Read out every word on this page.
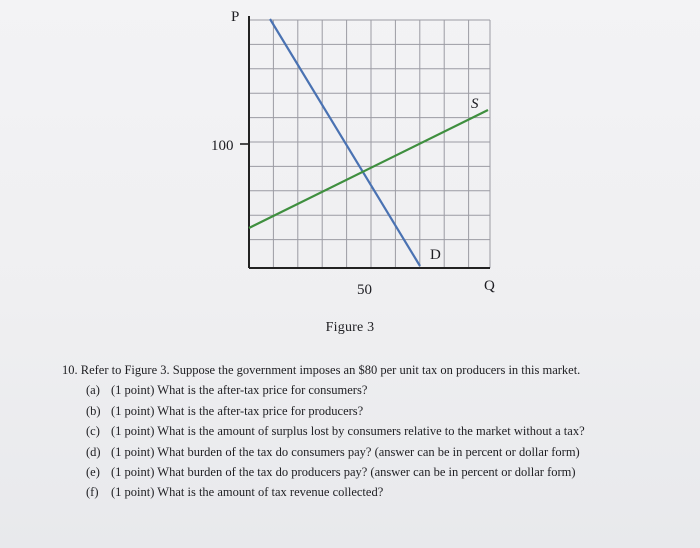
P
Q
100
50
S
D
Figure 3
10. Refer to Figure 3. Suppose the government imposes an $80 per unit tax on producers in this market.
(a) (1 point) What is the after-tax price for consumers?
(b) (1 point) What is the after-tax price for producers?
(c) (1 point) What is the amount of surplus lost by consumers relative to the market without a tax?
(d) (1 point) What burden of the tax do consumers pay? (answer can be in percent or dollar form)
(e) (1 point) What burden of the tax do producers pay? (answer can be in percent or dollar form)
(f) (1 point) What is the amount of tax revenue collected?
